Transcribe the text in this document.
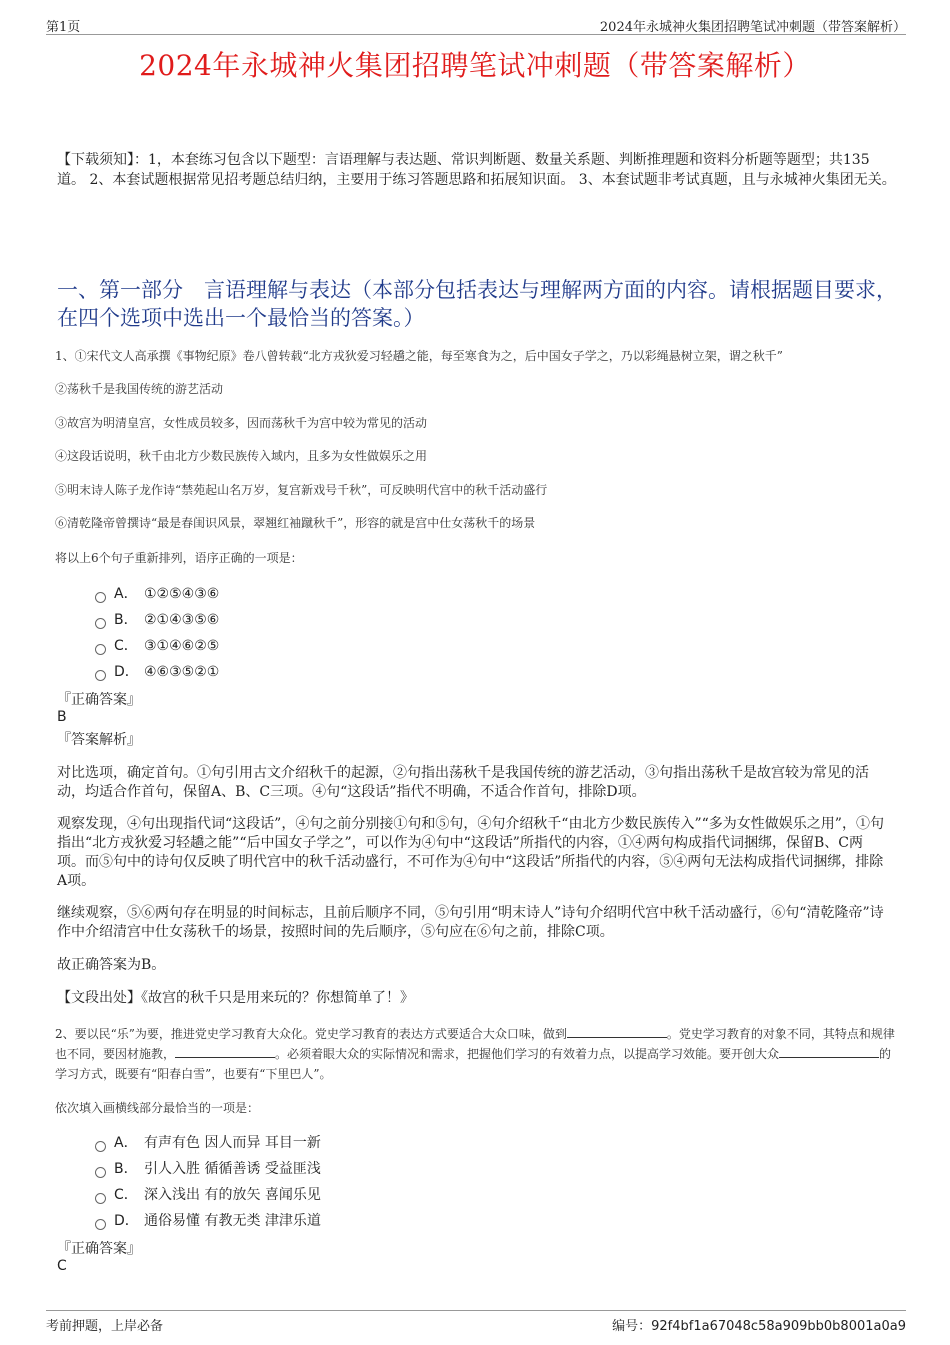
第1页	2024年永城神火集团招聘笔试冲刺题（带答案解析）
2024年永城神火集团招聘笔试冲刺题（带答案解析）
【下载须知】：1，本套练习包含以下题型：言语理解与表达题、常识判断题、数量关系题、判断推理题和资料分析题等题型；共135道。 2、本套试题根据常见招考题总结归纳，主要用于练习答题思路和拓展知识面。 3、本套试题非考试真题，且与永城神火集团无关。
一、第一部分　言语理解与表达（本部分包括表达与理解两方面的内容。请根据题目要求，在四个选项中选出一个最恰当的答案。）
1、①宋代文人高承撰《事物纪原》卷八曾转载“北方戎狄爱习轻趫之能，每至寒食为之，后中国女子学之，乃以彩绳悬树立架，谓之秋千”
②荡秋千是我国传统的游艺活动
③故宫为明清皇宫，女性成员较多，因而荡秋千为宫中较为常见的活动
④这段话说明，秋千由北方少数民族传入域内，且多为女性做娱乐之用
⑤明末诗人陈子龙作诗“禁苑起山名万岁，复宫新戏号千秋”，可反映明代宫中的秋千活动盛行
⑥清乾隆帝曾撰诗“最是春闺识风景，翠翘红袖蹴秋千”，形容的就是宫中仕女荡秋千的场景
将以上6个句子重新排列，语序正确的一项是：
A． ①②⑤④③⑥
B． ②①④③⑤⑥
C． ③①④⑥②⑤
D． ④⑥③⑤②①
『正确答案』
B
『答案解析』
对比选项，确定首句。①句引用古文介绍秋千的起源，②句指出荡秋千是我国传统的游艺活动，③句指出荡秋千是故宫较为常见的活动，均适合作首句，保留A、B、C三项。④句“这段话”指代不明确，不适合作首句，排除D项。
观察发现，④句出现指代词“这段话”，④句之前分别接①句和⑤句，④句介绍秋千“由北方少数民族传入”“多为女性做娱乐之用”，①句指出“北方戎狄爱习轻趫之能”“后中国女子学之”，可以作为④句中“这段话”所指代的内容，①④两句构成指代词捆绑，保留B、C两项。而⑤句中的诗句仅反映了明代宫中的秋千活动盛行，不可作为④句中“这段话”所指代的内容，⑤④两句无法构成指代词捆绑，排除A项。
继续观察，⑤⑥两句存在明显的时间标志，且前后顺序不同，⑤句引用“明末诗人”诗句介绍明代宫中秋千活动盛行，⑥句“清乾隆帝”诗作中介绍清宫中仕女荡秋千的场景，按照时间的先后顺序，⑤句应在⑥句之前，排除C项。
故正确答案为B。
【文段出处】《故宫的秋千只是用来玩的？你想简单了！》
2、要以民“乐”为要，推进党史学习教育大众化。党史学习教育的表达方式要适合大众口味，做到	。党史学习教育的对象不同，其特点和规律也不同，要因材施教，	。必须着眼大众的实际情况和需求，把握他们学习的有效着力点，以提高学习效能。要开创大众	的学习方式，既要有“阳春白雪”，也要有“下里巴人”。
依次填入画横线部分最恰当的一项是：
A． 有声有色 因人而异 耳目一新
B． 引人入胜 循循善诱 受益匪浅
C． 深入浅出 有的放矢 喜闻乐见
D． 通俗易懂 有教无类 津津乐道
『正确答案』
C
考前押题，上岸必备	编号：92f4bf1a67048c58a909bb0b8001a0a9
